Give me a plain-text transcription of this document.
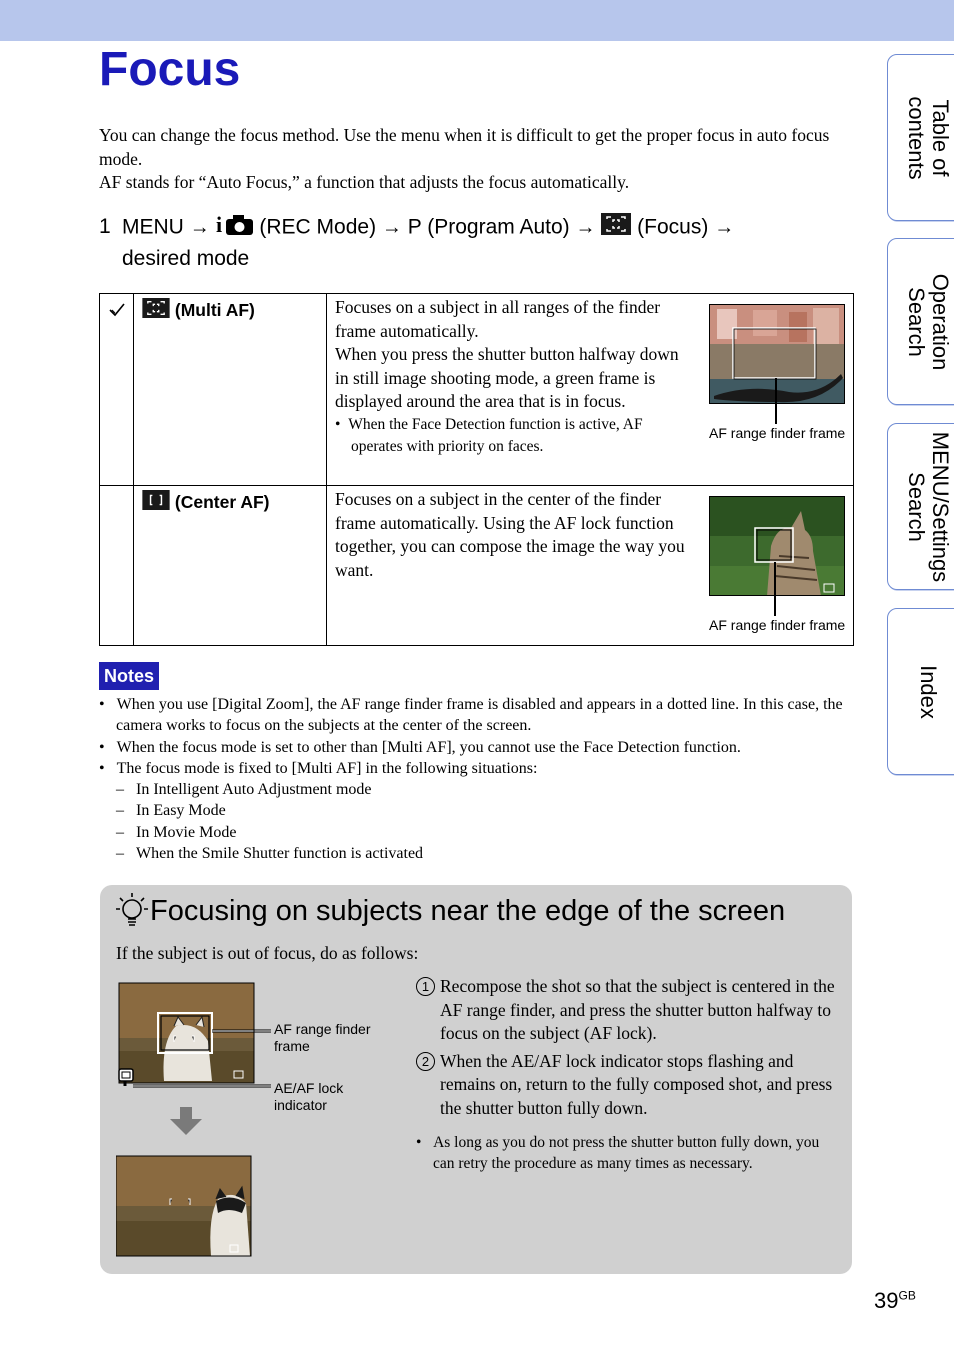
Focus

You can change the focus method. Use the menu when it is difficult to get the proper focus in auto focus mode.

AF stands for “Auto Focus,” a function that adjusts the focus automatically.

1 MENU → i (REC Mode) → P (Program Auto) → (Focus) →
desired mode
	(Multi AF)	Focuses on a subject in all ranges of the finder frame automatically.

When you press the shutter button halfway down in still image shooting mode, a green frame is displayed around the area that is in focus.

•  When the Face Detection function is active, AF operates with priority on faces.

AF range finder frame

	(Center AF)	Focuses on a subject in the center of the finder frame automatically. Using the AF lock function together, you can compose the image the way you want.

AF range finder frame
Notes
•   When you use [Digital Zoom], the AF range finder frame is disabled and appears in a dotted line. In this case, the camera works to focus on the subjects at the center of the screen.
•   When the focus mode is set to other than [Multi AF], you cannot use the Face Detection function.
•   The focus mode is fixed to [Multi AF] in the following situations:
–   In Intelligent Auto Adjustment mode
–   In Easy Mode
–   In Movie Mode
–   When the Smile Shutter function is activated
Focusing on subjects near the edge of the screen
If the subject is out of focus, do as follows:
AF range finder frame
AE/AF lock indicator
1 Recompose the shot so that the subject is centered in the AF range finder, and press the shutter button halfway to focus on the subject (AF lock).
2 When the AE/AF lock indicator stops flashing and remains on, return to the fully composed shot, and press the shutter button fully down.
•   As long as you do not press the shutter button fully down, you can retry the procedure as many times as necessary.
Table of contents
Operation Search
MENU/Settings Search
Index
$39^{GB}$
